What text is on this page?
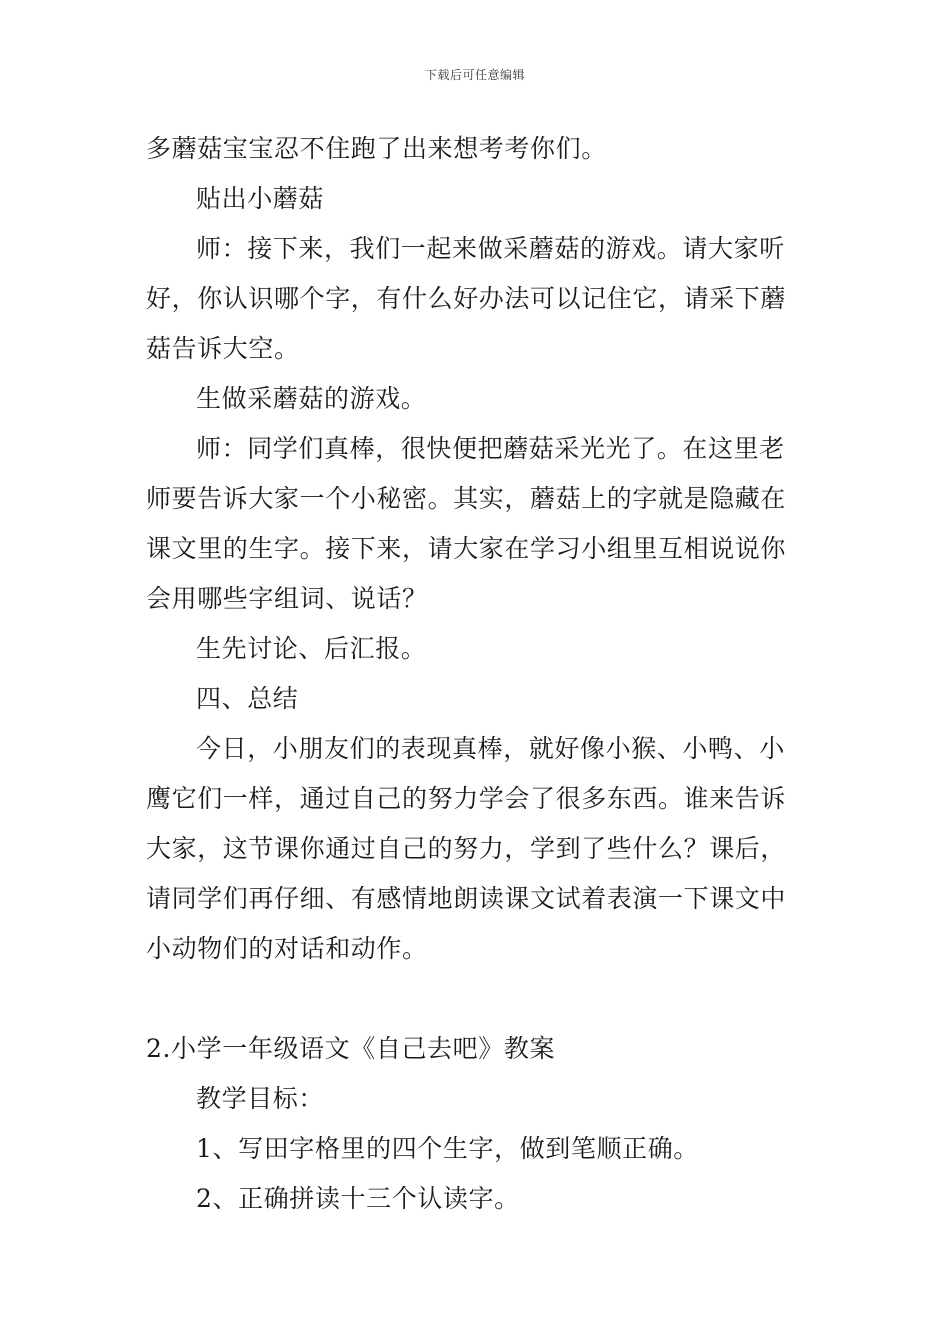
下载后可任意编辑
多蘑菇宝宝忍不住跑了出来想考考你们。
贴出小蘑菇
师：接下来，我们一起来做采蘑菇的游戏。请大家听
好，你认识哪个字，有什么好办法可以记住它，请采下蘑
菇告诉大空。
生做采蘑菇的游戏。
师：同学们真棒，很快便把蘑菇采光光了。在这里老
师要告诉大家一个小秘密。其实，蘑菇上的字就是隐藏在
课文里的生字。接下来，请大家在学习小组里互相说说你
会用哪些字组词、说话？
生先讨论、后汇报。
四、总结
今日，小朋友们的表现真棒，就好像小猴、小鸭、小
鹰它们一样，通过自己的努力学会了很多东西。谁来告诉
大家，这节课你通过自己的努力，学到了些什么？课后，
请同学们再仔细、有感情地朗读课文试着表演一下课文中
小动物们的对话和动作。
2.小学一年级语文《自己去吧》教案
教学目标：
1、写田字格里的四个生字，做到笔顺正确。
2、正确拼读十三个认读字。
